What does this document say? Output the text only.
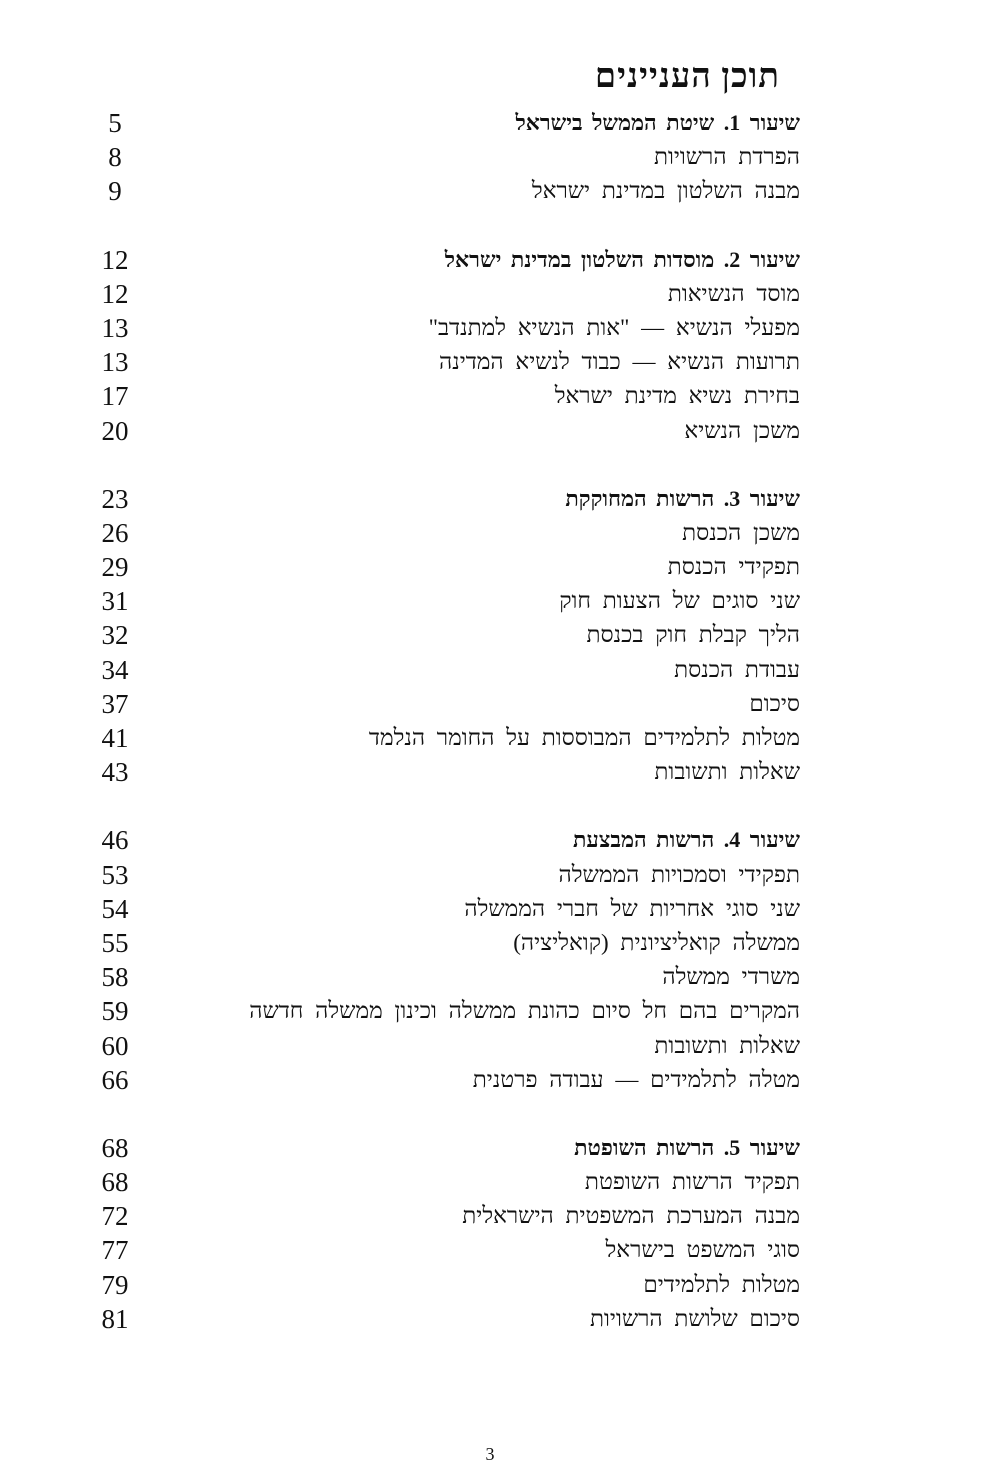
תוכן העניינים
שיעור 1. שיטת הממשל בישראל
5
הפרדת הרשויות
8
מבנה השלטון במדינת ישראל
9
שיעור 2. מוסדות השלטון במדינת ישראל
12
מוסד הנשיאות
12
מפעלי הנשיא — "אות הנשיא למתנדב"
13
תרועות הנשיא — כבוד לנשיא המדינה
13
בחירת נשיא מדינת ישראל
17
משכן הנשיא
20
שיעור 3. הרשות המחוקקת
23
משכן הכנסת
26
תפקידי הכנסת
29
שני סוגים של הצעות חוק
31
הליך קבלת חוק בכנסת
32
עבודת הכנסת
34
סיכום
37
מטלות לתלמידים המבוססות על החומר הנלמד
41
שאלות ותשובות
43
שיעור 4. הרשות המבצעת
46
תפקידי וסמכויות הממשלה
53
שני סוגי אחריות של חברי הממשלה
54
ממשלה קואליציונית (קואליציה)
55
משרדי ממשלה
58
המקרים בהם חל סיום כהונת ממשלה וכינון ממשלה חדשה
59
שאלות ותשובות
60
מטלה לתלמידים — עבודה פרטנית
66
שיעור 5. הרשות השופטת
68
תפקיד הרשות השופטת
68
מבנה המערכת המשפטית הישראלית
72
סוגי המשפט בישראל
77
מטלות לתלמידים
79
סיכום שלושת הרשויות
81
3
